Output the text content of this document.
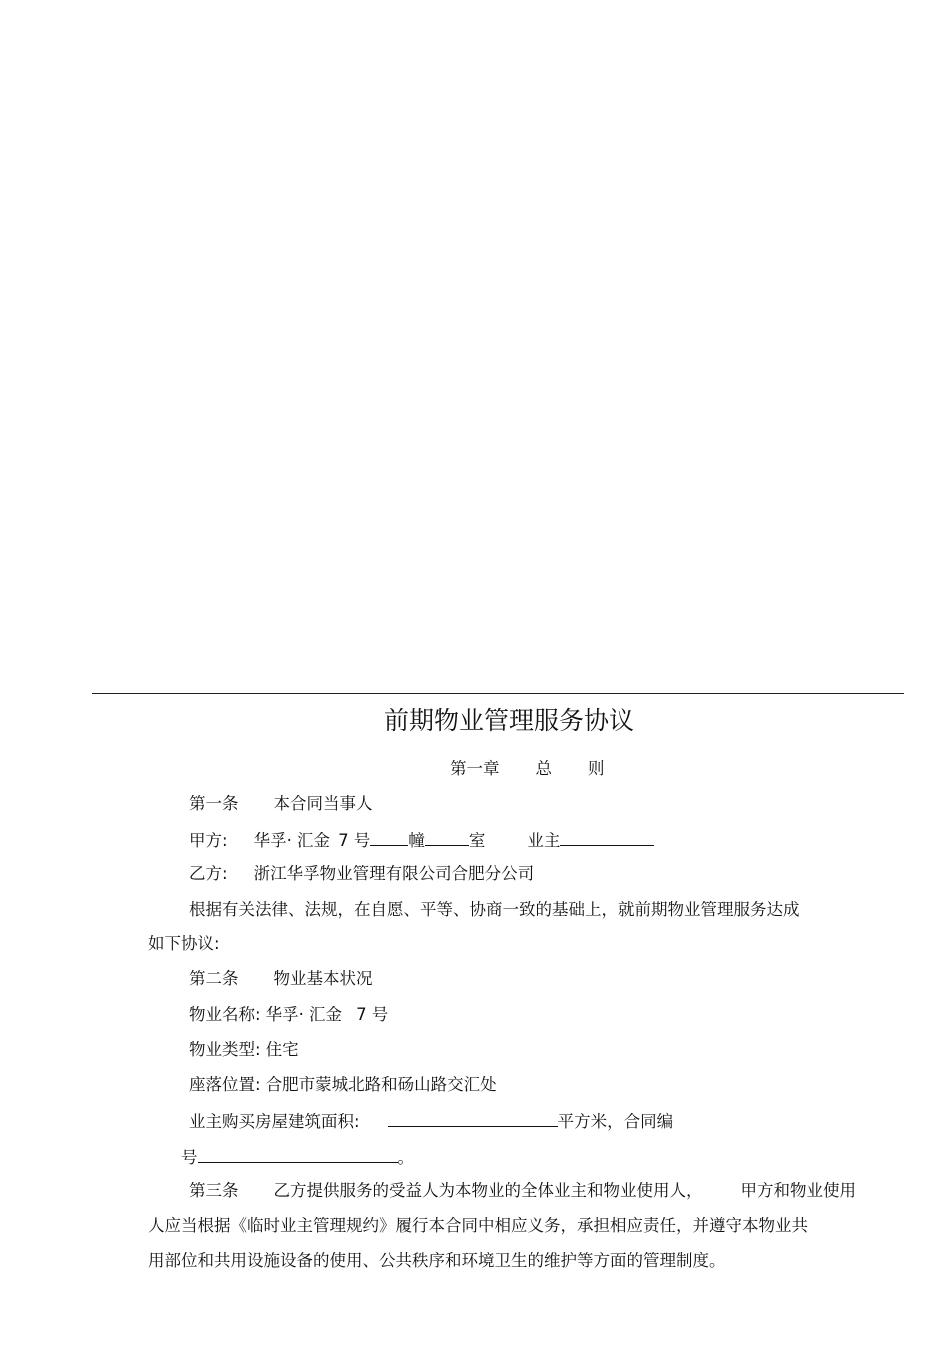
前期物业管理服务协议
第一章 总 则
第一条 本合同当事人
甲方: 华孚· 汇金 7 号 幢	室	业主
乙方: 浙江华孚物业管理有限公司合肥分公司
根据有关法律、法规，在自愿、平等、协商一致的基础上，就前期物业管理服务达成
如下协议:
第二条 物业基本状况
物业名称: 华孚· 汇金 7 号
物业类型: 住宅
座落位置: 合肥市蒙城北路和砀山路交汇处
业主购买房屋建筑面积:	平方米，合同编
号	。
第三条 乙方提供服务的受益人为本物业的全体业主和物业使用人， 甲方和物业使用
人应当根据《临时业主管理规约》履行本合同中相应义务，承担相应责任，并遵守本物业共
用部位和共用设施设备的使用、公共秩序和环境卫生的维护等方面的管理制度。
